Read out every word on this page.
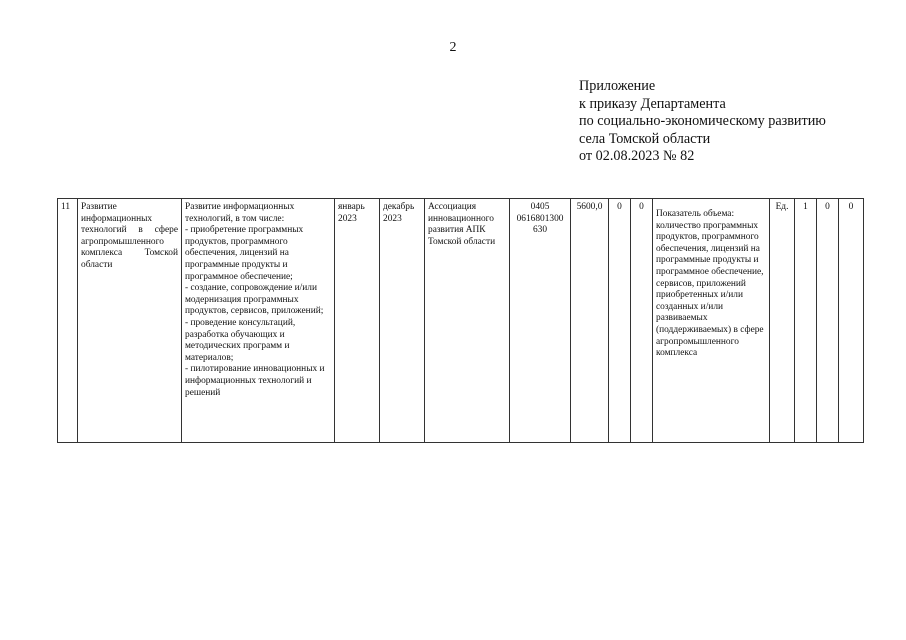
2
Приложение
к приказу Департамента
по социально-экономическому развитию
села Томской области
от 02.08.2023 № 82
11	Развитие информационных технологий в сфере агропромышленного комплекса Томской области	Развитие информационных технологий, в том числе:
- приобретение программных продуктов, программного обеспечения, лицензий на программные продукты и программное обеспечение;
- создание, сопровождение и/или модернизация программных продуктов, сервисов, приложений;
- проведение консультаций, разработка обучающих и методических программ и материалов;
- пилотирование инновационных и информационных технологий и решений	январь 2023	декабрь 2023	Ассоциация инновационного развития АПК Томской области	0405 0616801300 630	5600,0	0	0	Показатель объема: количество программных продуктов, программного обеспечения, лицензий на программные продукты и программное обеспечение, сервисов, приложений приобретенных и/или созданных и/или развиваемых (поддерживаемых) в сфере агропромышленного комплекса	Ед.	1	0	0
